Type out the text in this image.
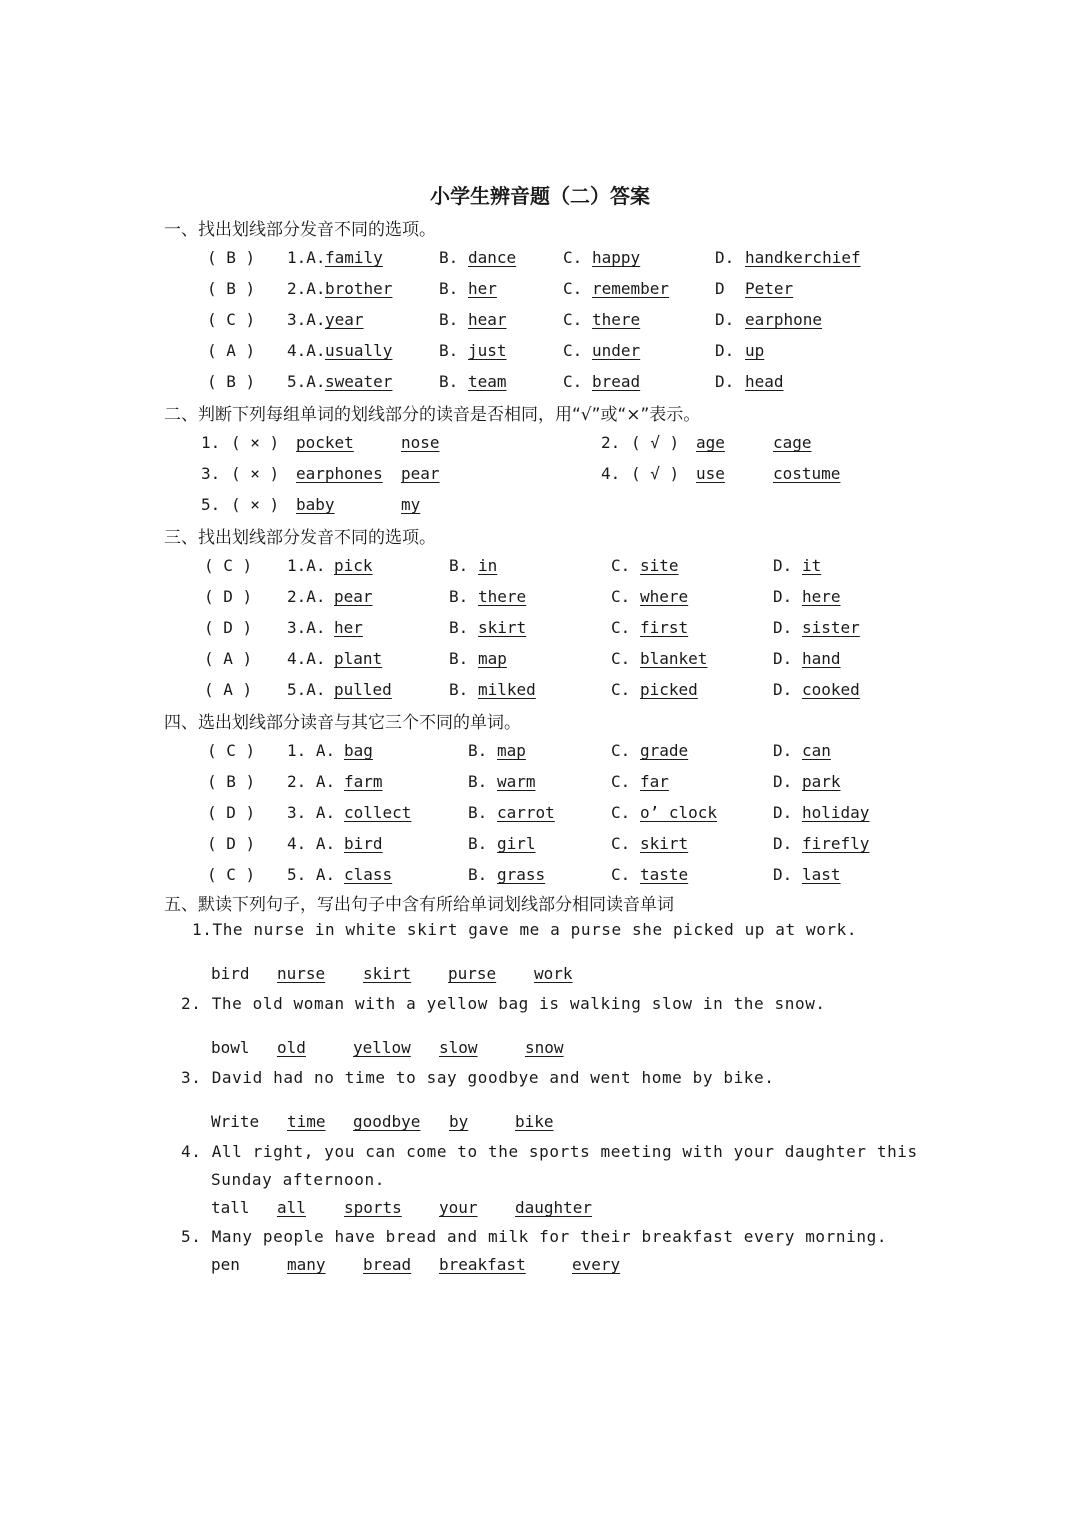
小学生辨音题（二）答案
一、找出划线部分发音不同的选项。
( B ) 1.A. family	B. dance	C. happy	D. handkerchief
( B ) 2.A. brother	B. her	C. remember	D Peter
( C ) 3.A. year	B. hear	C. there	D. earphone
( A ) 4.A. usually	B. just	C. under	D. up
( B ) 5.A. sweater	B. team	C. bread	D. head
二、判断下列每组单词的划线部分的读音是否相同，用“√”或“×”表示。
1. ( × ) pocket	nose	2. ( √ ) age	cage
3. ( × ) earphones pear	4. ( √ ) use	costume
5. ( × ) baby	my
三、找出划线部分发音不同的选项。
( C ) 1.A. pick	B. in	C. site	D. it
( D ) 2.A. pear	B. there	C. where	D. here
( D ) 3.A. her	B. skirt	C. first	D. sister
( A ) 4.A. plant	B. map	C. blanket	D. hand
( A ) 5.A. pulled	B. milked	C. picked	D. cooked
四、选出划线部分读音与其它三个不同的单词。
( C ) 1. A. bag	B. map	C. grade	D. can
( B ) 2. A. farm	B. warm	C. far	D. park
( D ) 3. A. collect	B. carrot	C. o’ clock	D. holiday
( D ) 4. A. bird	B. girl	C. skirt	D. firefly
( C ) 5. A. class	B. grass	C. taste	D. last
五、默读下列句子，写出句子中含有所给单词划线部分相同读音单词
1.The nurse in white skirt gave me a purse she picked up at work.
bird nurse skirt purse work
2. The old woman with a yellow bag is walking slow in the snow.
bowl old	yellow slow	snow
3. David had no time to say goodbye and went home by bike.
Write time goodbye by	bike
4. All right, you can come to the sports meeting with your daughter this
Sunday afternoon.
tall all sports your daughter
5. Many people have bread and milk for their breakfast every morning.
pen	many bread breakfast	every
